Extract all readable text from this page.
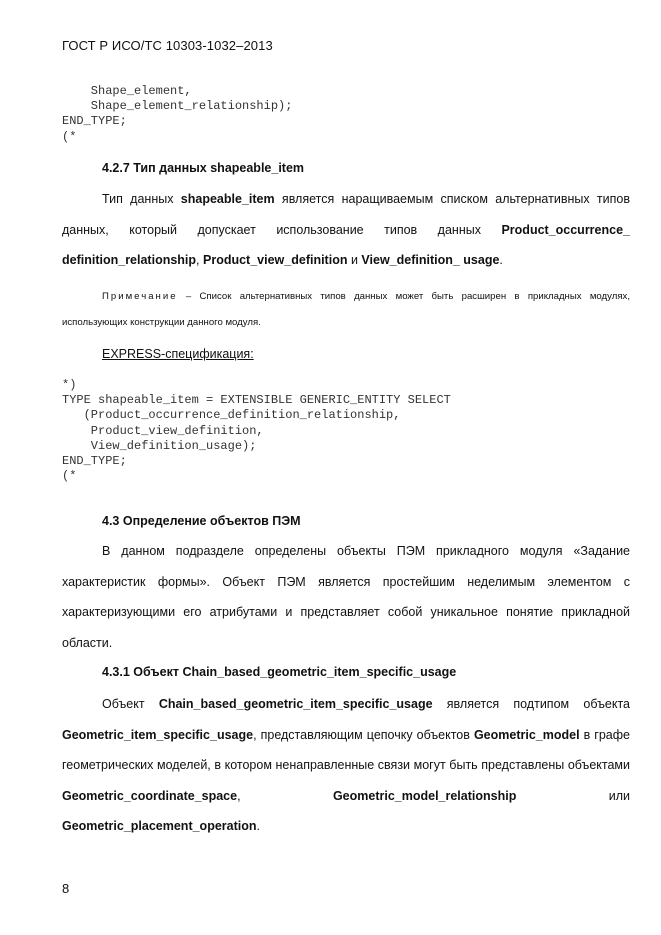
ГОСТ Р ИСО/ТС 10303-1032–2013
Shape_element,
Shape_element_relationship);
END_TYPE;
(*
4.2.7 Тип данных shapeable_item

Тип данных shapeable_item является наращиваемым списком альтернативных типов данных, который допускает использование типов данных Product_occurrence_ definition_relationship, Product_view_definition и View_definition_ usage.

Примечание – Список альтернативных типов данных может быть расширен в прикладных модулях, использующих конструкции данного модуля.

EXPRESS-спецификация:
*)
TYPE shapeable_item = EXTENSIBLE GENERIC_ENTITY SELECT
(Product_occurrence_definition_relationship,
Product_view_definition,
View_definition_usage);
END_TYPE;
(*
4.3 Определение объектов ПЭМ

В данном подразделе определены объекты ПЭМ прикладного модуля «Задание характеристик формы». Объект ПЭМ является простейшим неделимым элементом с характеризующими его атрибутами и представляет собой уникальное понятие прикладной области.

4.3.1 Объект Chain_based_geometric_item_specific_usage

Объект Chain_based_geometric_item_specific_usage является подтипом объекта Geometric_item_specific_usage, представляющим цепочку объектов Geometric_model в графе геометрических моделей, в котором ненаправленные связи могут быть представлены объектами Geometric_coordinate_space, Geometric_model_relationship или Geometric_placement_operation.

8
